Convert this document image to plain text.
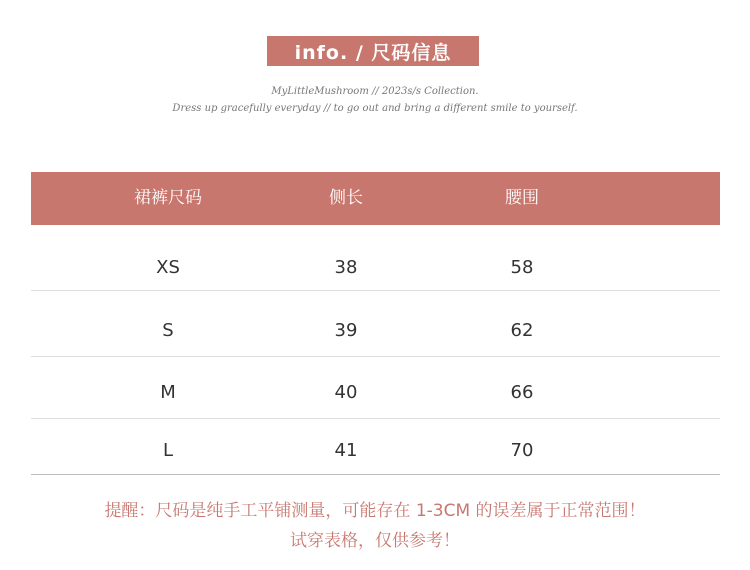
info. / 尺码信息
MyLittleMushroom // 2023s/s Collection.
Dress up gracefully everyday // to go out and bring a different smile to yourself.
裙裤尺码	侧长	腰围
XS	38	58
S	39	62
M	40	66
L	41	70
提醒：尺码是纯手工平铺测量，可能存在 1-3CM 的误差属于正常范围！
试穿表格，仅供参考！
